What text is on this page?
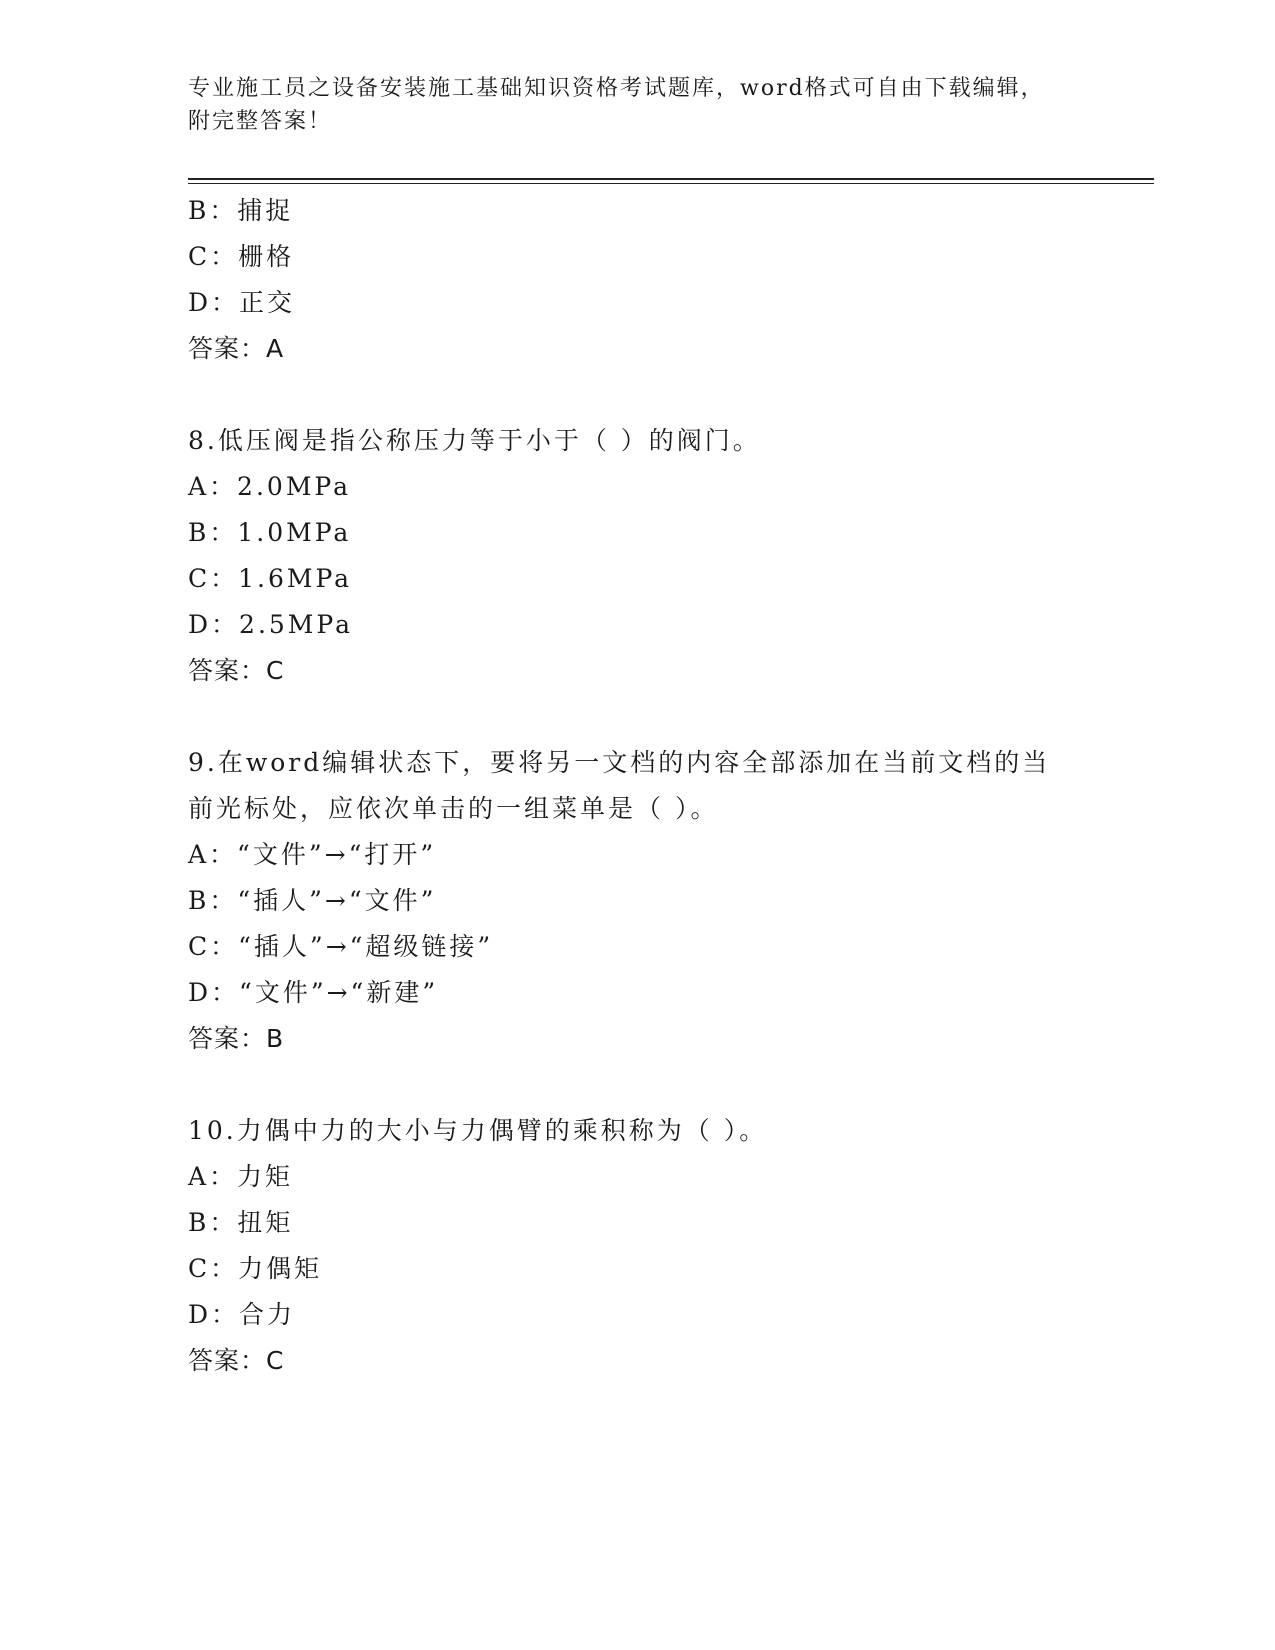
专业施工员之设备安装施工基础知识资格考试题库，word格式可自由下载编辑，
附完整答案！
B：捕捉
C：栅格
D：正交
答案：A
8.低压阀是指公称压力等于小于（ ）的阀门。
A：2.0MPa
B：1.0MPa
C：1.6MPa
D：2.5MPa
答案：C
9.在word编辑状态下，要将另一文档的内容全部添加在当前文档的当
前光标处，应依次单击的一组菜单是（ ）。
A：“文件”→“打开”
B：“插人”→“文件”
C：“插人”→“超级链接”
D：“文件”→“新建”
答案：B
10.力偶中力的大小与力偶臂的乘积称为（ ）。
A：力矩
B：扭矩
C：力偶矩
D：合力
答案：C
